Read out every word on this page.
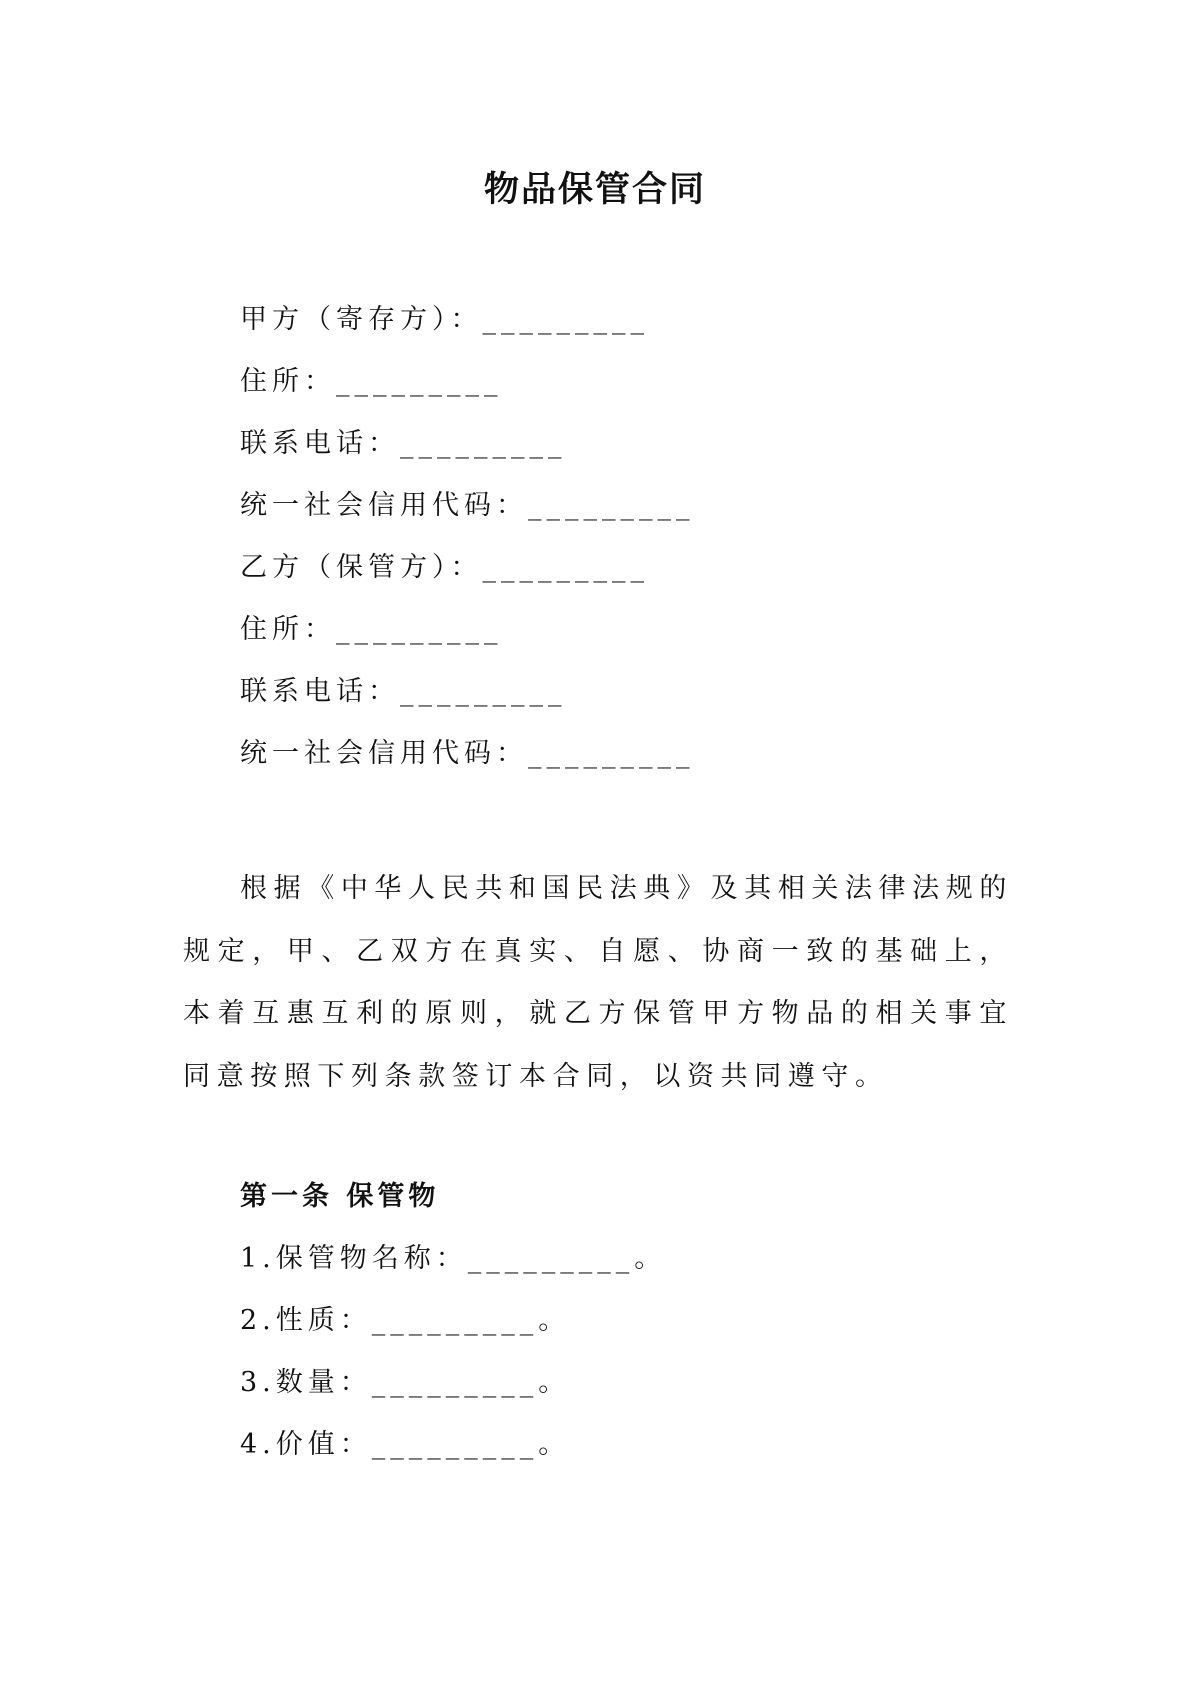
物品保管合同
甲方（寄存方）：_________
住所：_________
联系电话：_________
统一社会信用代码：_________
乙方（保管方）：_________
住所：_________
联系电话：_________
统一社会信用代码：_________

根据《中华人民共和国民法典》及其相关法律法规的规定，甲、乙双方在真实、自愿、协商一致的基础上，本着互惠互利的原则，就乙方保管甲方物品的相关事宜同意按照下列条款签订本合同，以资共同遵守。

第一条 保管物
1.保管物名称：_________。
2.性质：_________。
3.数量：_________。
4.价值：_________。
